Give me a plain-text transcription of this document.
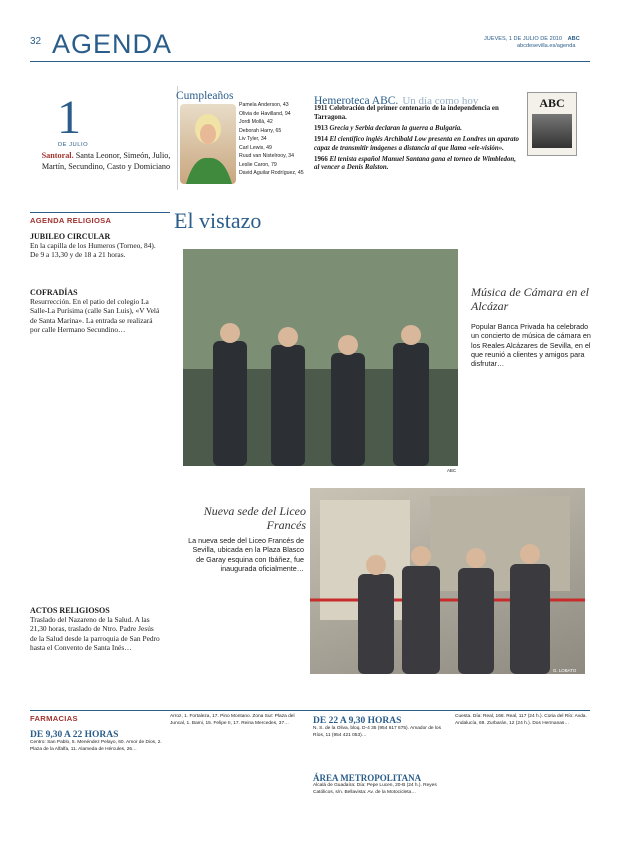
32 AGENDA	JUEVES, 1 DE JULIO DE 2010 ABC
abcdesevilla.es/agenda
1
DE JULIO
Santoral. Santa Leonor, Simeón, Julio, Martín, Secundino, Casto y Domiciano
Cumpleaños
Pamela Anderson, 43
Olivia de Havilland, 94
Jordi Mollà, 42
Deborah Harry, 65
Liv Tyler, 34
Carl Lewis, 49
Ruud van Nistelrooy, 34
Leslie Caron, 79
David Aguilar Rodríguez, 45
Hemeroteca ABC. Un día como hoy
1911 Celebración del primer centenario de la independencia en Tarragona.
1913 Grecia y Serbia declaran la guerra a Bulgaria.
1914 El científico inglés Archibald Low presenta en Londres un aparato capaz de transmitir imágenes a distancia al que llama «ele-visión».
1966 El tenista español Manuel Santana gana el torneo de Wimbledon, al vencer a Denis Ralston.
ABC
AGENDA RELIGIOSA
JUBILEO CIRCULAR

En la capilla de los Humeros (Torneo, 84). De 9 a 13,30 y de 18 a 21 horas.

COFRADÍAS

Resurrección. En el patio del colegio La Salle-La Purísima (calle San Luis), «V Velá de Santa Marina». La entrada se realizará por calle Hermano Secundino…

ACTOS RELIGIOSOS

Traslado del Nazareno de la Salud. A las 21,30 horas, traslado de Ntro. Padre Jesús de la Salud desde la parroquia de San Pedro hasta el Convento de Santa Inés…

El vistazo
ABC
Música de Cámara en el Alcázar

Popular Banca Privada ha celebrado un concierto de música de cámara en los Reales Alcázares de Sevilla, en el que reunió a clientes y amigos para disfrutar…

G. LOBATO
Nueva sede del Liceo Francés

La nueva sede del Liceo Francés de Sevilla, ubicada en la Plaza Blasco de Garay esquina con Ibáñez, fue inaugurada oficialmente…

FARMACIAS
DE 9,30 A 22 HORAS

Centro: San Pablo, 5. Menéndez Pelayo, 60. Amor de Dios, 2. Plaza de la Alfalfa, 11. Alameda de Hércules, 26…

Arroz, 1. Fortaleza, 17. Pino Montano. Zona Sur: Plaza del Juncal, 1. Bami, 15. Felipe II, 17. Reina Mercedes, 37…	DE 22 A 9,30 HORAS

N. S. de la Oliva, bloq. D-4 35 (954 617 675). Amador de los Ríos, 11 (954 421 053)…

ÁREA METROPOLITANA

Alcalá de Guadaíra: Día: Pepe Lucen, 20-B (24 h.). Reyes Católicos, s/n. Bellavista: Av. de la Motocicleta…

Cuesta. Día: Real, 168. Real, 117 (24 h.). Coria del Río: Avda. Andalucía, 69. Zurbarán, 12 (24 h.). Dos Hermanas…
